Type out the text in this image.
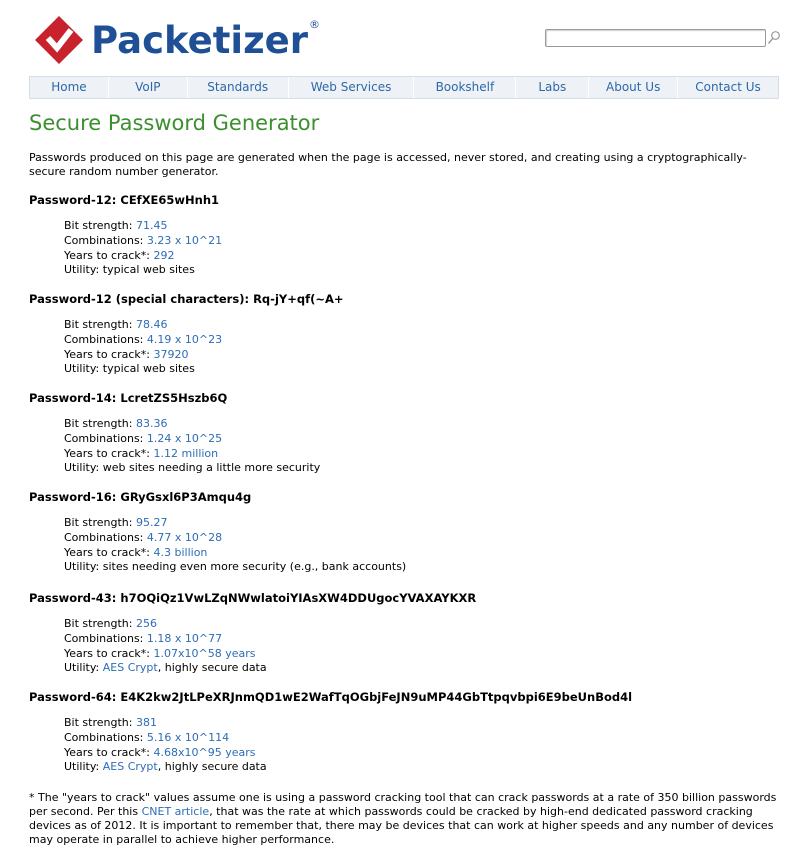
Packetizer ®
Home	VoIP	Standards	Web Services	Bookshelf	Labs	About Us	Contact Us
Secure Password Generator

Passwords produced on this page are generated when the page is accessed, never stored, and creating using a cryptographically-secure random number generator.

Password-12: CEfXE65wHnh1
Bit strength: 71.45
Combinations: 3.23 x 10^21
Years to crack*: 292
Utility: typical web sites
Password-12 (special characters): Rq-jY+qf(~A+
Bit strength: 78.46
Combinations: 4.19 x 10^23
Years to crack*: 37920
Utility: typical web sites
Password-14: LcretZS5Hszb6Q
Bit strength: 83.36
Combinations: 1.24 x 10^25
Years to crack*: 1.12 million
Utility: web sites needing a little more security
Password-16: GRyGsxl6P3Amqu4g
Bit strength: 95.27
Combinations: 4.77 x 10^28
Years to crack*: 4.3 billion
Utility: sites needing even more security (e.g., bank accounts)
Password-43: h7OQiQz1VwLZqNWwlatoiYIAsXW4DDUgocYVAXAYKXR
Bit strength: 256
Combinations: 1.18 x 10^77
Years to crack*: 1.07x10^58 years
Utility: AES Crypt, highly secure data
Password-64: E4K2kw2JtLPeXRJnmQD1wE2WafTqOGbjFeJN9uMP44GbTtpqvbpi6E9beUnBod4l
Bit strength: 381
Combinations: 5.16 x 10^114
Years to crack*: 4.68x10^95 years
Utility: AES Crypt, highly secure data

* The "years to crack" values assume one is using a password cracking tool that can crack passwords at a rate of 350 billion passwords per second. Per this CNET article, that was the rate at which passwords could be cracked by high-end dedicated password cracking devices as of 2012. It is important to remember that, there may be devices that can work at higher speeds and any number of devices may operate in parallel to achieve higher performance.
